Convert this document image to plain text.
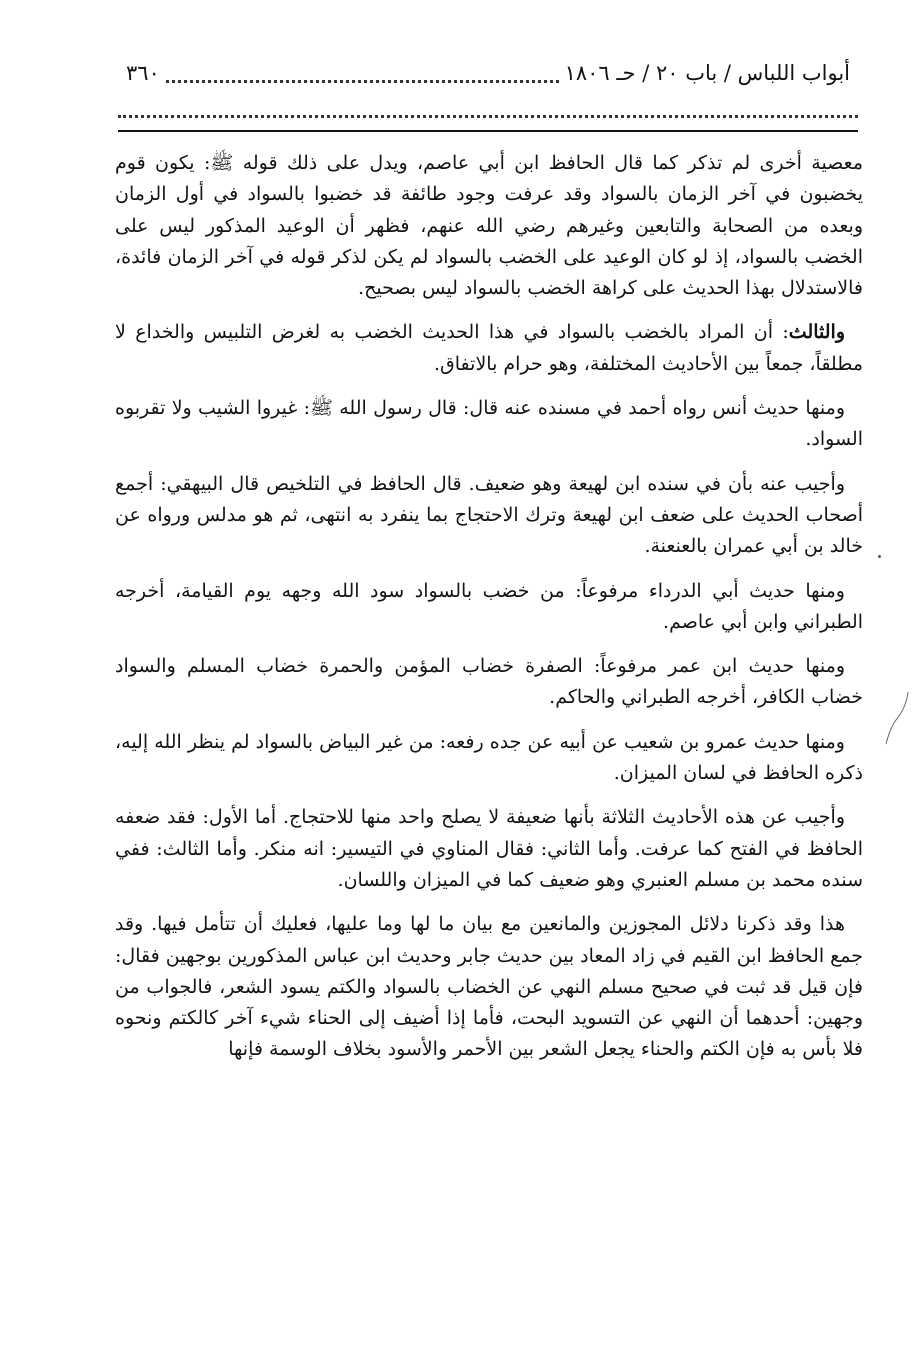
أبواب اللباس / باب ٢٠ / حـ ١٨٠٦
٣٦٠

معصية أخرى لم تذكر كما قال الحافظ ابن أبي عاصم، ويدل على ذلك قوله ﷺ: يكون قوم يخضبون في آخر الزمان بالسواد وقد عرفت وجود طائفة قد خضبوا بالسواد في أول الزمان وبعده من الصحابة والتابعين وغيرهم رضي الله عنهم، فظهر أن الوعيد المذكور ليس على الخضب بالسواد، إذ لو كان الوعيد على الخضب بالسواد لم يكن لذكر قوله في آخر الزمان فائدة، فالاستدلال بهذا الحديث على كراهة الخضب بالسواد ليس بصحيح.

والثالث: أن المراد بالخضب بالسواد في هذا الحديث الخضب به لغرض التلبيس والخداع لا مطلقاً، جمعاً بين الأحاديث المختلفة، وهو حرام بالاتفاق.

ومنها حديث أنس رواه أحمد في مسنده عنه قال: قال رسول الله ﷺ: غيروا الشيب ولا تقربوه السواد.

وأجيب عنه بأن في سنده ابن لهيعة وهو ضعيف. قال الحافظ في التلخيص قال البيهقي: أجمع أصحاب الحديث على ضعف ابن لهيعة وترك الاحتجاج بما ينفرد به انتهى، ثم هو مدلس ورواه عن خالد بن أبي عمران بالعنعنة.

ومنها حديث أبي الدرداء مرفوعاً: من خضب بالسواد سود الله وجهه يوم القيامة، أخرجه الطبراني وابن أبي عاصم.

ومنها حديث ابن عمر مرفوعاً: الصفرة خضاب المؤمن والحمرة خضاب المسلم والسواد خضاب الكافر، أخرجه الطبراني والحاكم.

ومنها حديث عمرو بن شعيب عن أبيه عن جده رفعه: من غير البياض بالسواد لم ينظر الله إليه، ذكره الحافظ في لسان الميزان.

وأجيب عن هذه الأحاديث الثلاثة بأنها ضعيفة لا يصلح واحد منها للاحتجاج. أما الأول: فقد ضعفه الحافظ في الفتح كما عرفت. وأما الثاني: فقال المناوي في التيسير: انه منكر. وأما الثالث: ففي سنده محمد بن مسلم العنبري وهو ضعيف كما في الميزان واللسان.

هذا وقد ذكرنا دلائل المجوزين والمانعين مع بيان ما لها وما عليها، فعليك أن تتأمل فيها. وقد جمع الحافظ ابن القيم في زاد المعاد بين حديث جابر وحديث ابن عباس المذكورين بوجهين فقال: فإن قيل قد ثبت في صحيح مسلم النهي عن الخضاب بالسواد والكتم يسود الشعر، فالجواب من وجهين: أحدهما أن النهي عن التسويد البحت، فأما إذا أضيف إلى الحناء شيء آخر كالكتم ونحوه فلا بأس به فإن الكتم والحناء يجعل الشعر بين الأحمر والأسود بخلاف الوسمة فإنها
